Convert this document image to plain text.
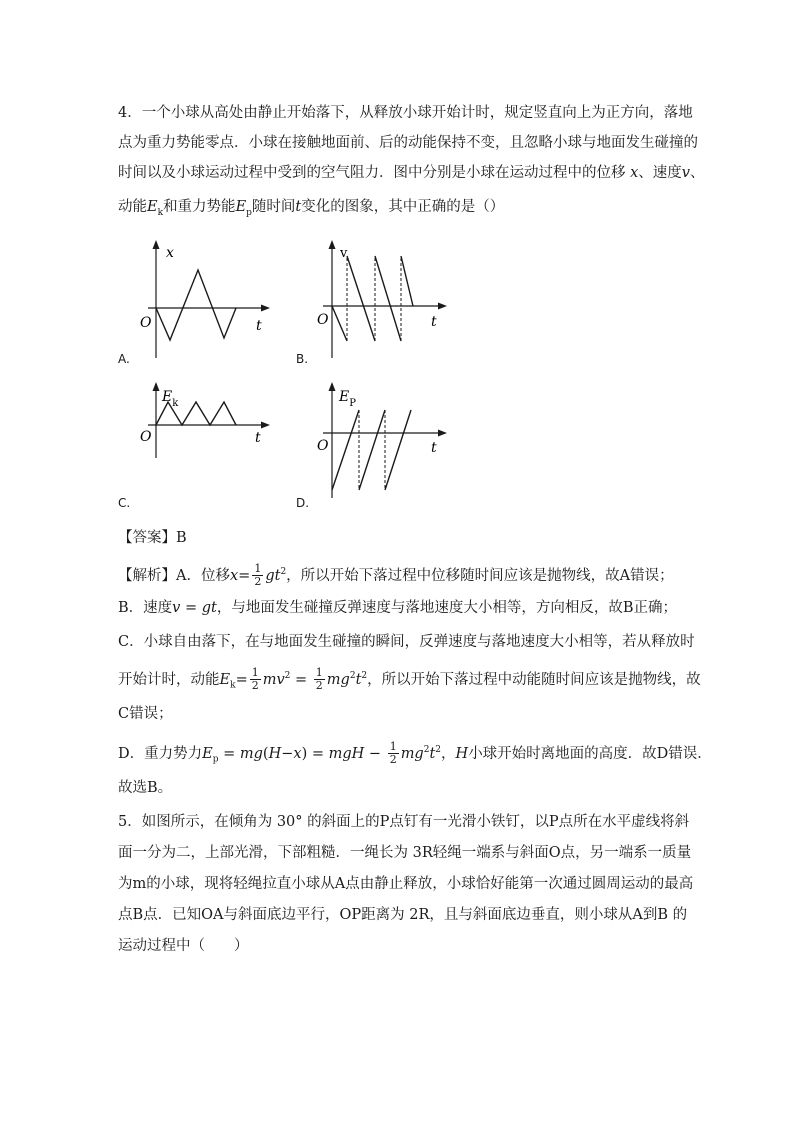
4．一个小球从高处由静止开始落下，从释放小球开始计时，规定竖直向上为正方向，落地
点为重力势能零点．小球在接触地面前、后的动能保持不变，且忽略小球与地面发生碰撞的
时间以及小球运动过程中受到的空气阻力．图中分别是小球在运动过程中的位移 x、速度v、
动能$E_k$和重力势能$E_p$随时间t变化的图象，其中正确的是（）
x
t
O
A.
v
t
O
B.
$E_k$
t
O
C.
$E_P$
t
O
D.
【答案】B
【解析】A．位移$x= \frac{1}{2} gt^2$，所以开始下落过程中位移随时间应该是抛物线，故A错误；
B．速度v = gt，与地面发生碰撞反弹速度与落地速度大小相等，方向相反，故B正确；
C．小球自由落下，在与地面发生碰撞的瞬间，反弹速度与落地速度大小相等，若从释放时
开始计时，动能$E_k= \frac{1}{2} mv^2 = \frac{1}{2} mg^2t^2$，所以开始下落过程中动能随时间应该是抛物线，故
C错误；
D．重力势力$E_p = mg(H-x)$ = mgH − $\frac{1}{2} mg^2t^2$，H小球开始时离地面的高度．故D错误．
故选B。
5．如图所示，在倾角为 30° 的斜面上的P点钉有一光滑小铁钉，以P点所在水平虚线将斜
面一分为二，上部光滑，下部粗糙．一绳长为 3R轻绳一端系与斜面O点，另一端系一质量
为m的小球，现将轻绳拉直小球从A点由静止释放，小球恰好能第一次通过圆周运动的最高
点B点．已知OA与斜面底边平行，OP距离为 2R，且与斜面底边垂直，则小球从A到B 的
运动过程中（　　）
